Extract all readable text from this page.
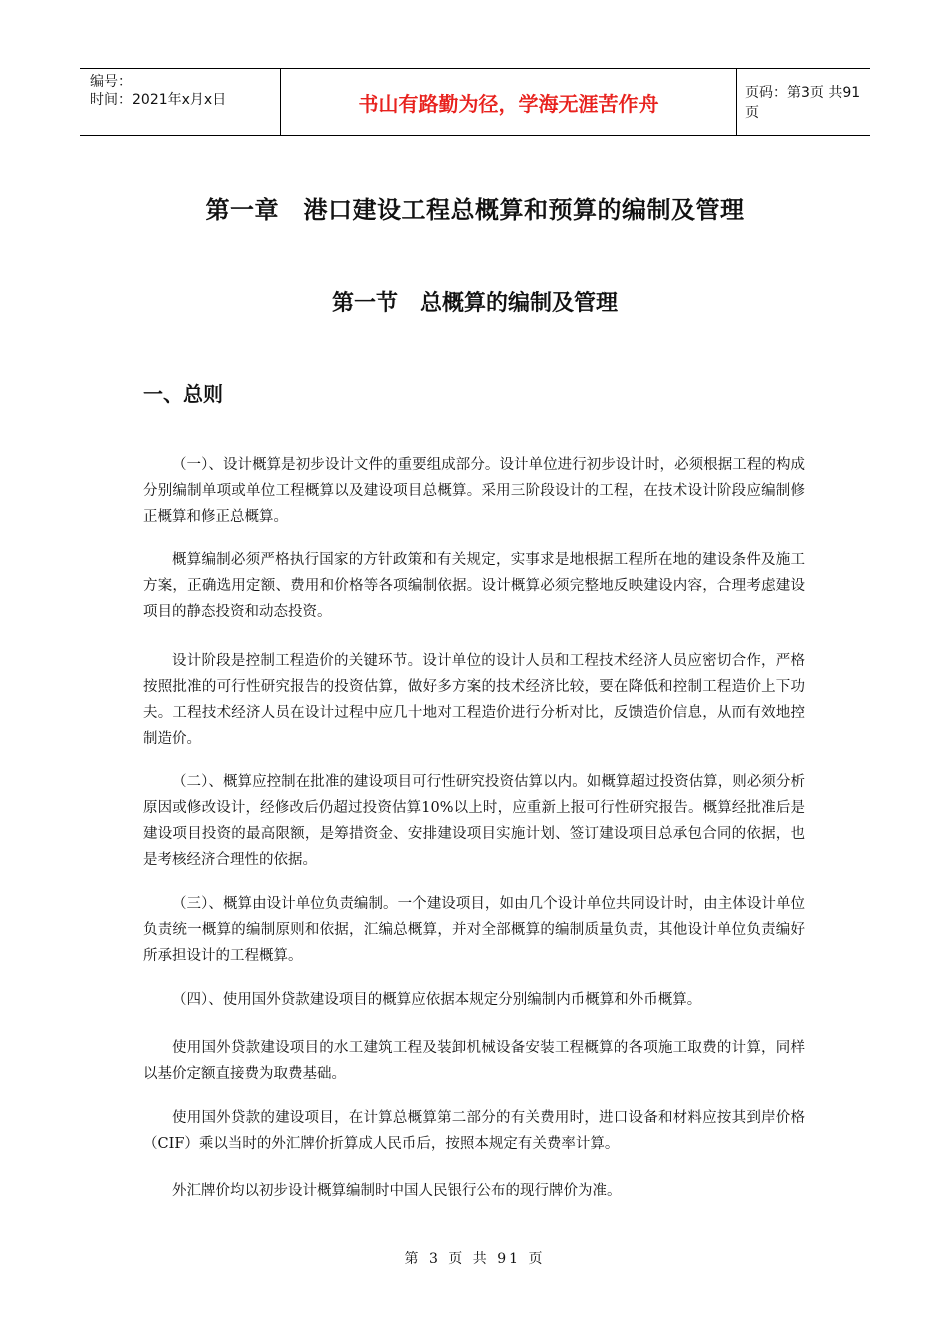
编号：
时间：2021年x月x日	书山有路勤为径，学海无涯苦作舟	页码：第3页 共91页
第一章　港口建设工程总概算和预算的编制及管理
第一节　总概算的编制及管理
一、总则

（一）、设计概算是初步设计文件的重要组成部分。设计单位进行初步设计时，必须根据工程的构成分别编制单项或单位工程概算以及建设项目总概算。采用三阶段设计的工程，在技术设计阶段应编制修正概算和修正总概算。

概算编制必须严格执行国家的方针政策和有关规定，实事求是地根据工程所在地的建设条件及施工方案，正确选用定额、费用和价格等各项编制依据。设计概算必须完整地反映建设内容，合理考虑建设项目的静态投资和动态投资。

设计阶段是控制工程造价的关键环节。设计单位的设计人员和工程技术经济人员应密切合作，严格按照批准的可行性研究报告的投资估算，做好多方案的技术经济比较，要在降低和控制工程造价上下功夫。工程技术经济人员在设计过程中应几十地对工程造价进行分析对比，反馈造价信息，从而有效地控制造价。

（二）、概算应控制在批准的建设项目可行性研究投资估算以内。如概算超过投资估算，则必须分析原因或修改设计，经修改后仍超过投资估算10%以上时，应重新上报可行性研究报告。概算经批准后是建设项目投资的最高限额，是筹措资金、安排建设项目实施计划、签订建设项目总承包合同的依据，也是考核经济合理性的依据。

（三）、概算由设计单位负责编制。一个建设项目，如由几个设计单位共同设计时，由主体设计单位负责统一概算的编制原则和依据，汇编总概算，并对全部概算的编制质量负责，其他设计单位负责编好所承担设计的工程概算。

（四）、使用国外贷款建设项目的概算应依据本规定分别编制内币概算和外币概算。

使用国外贷款建设项目的水工建筑工程及装卸机械设备安装工程概算的各项施工取费的计算，同样以基价定额直接费为取费基础。

使用国外贷款的建设项目，在计算总概算第二部分的有关费用时，进口设备和材料应按其到岸价格（CIF）乘以当时的外汇牌价折算成人民币后，按照本规定有关费率计算。

外汇牌价均以初步设计概算编制时中国人民银行公布的现行牌价为准。

第 3 页 共 91 页
